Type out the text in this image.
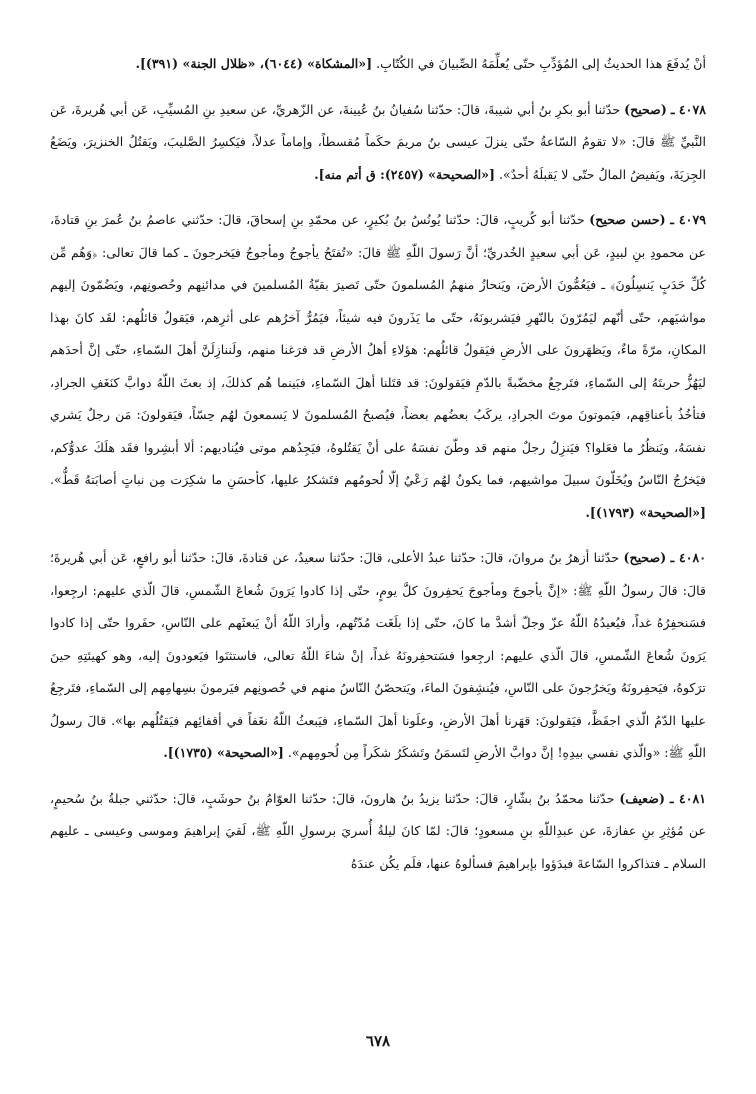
أنْ يُدفَعَ هذا الحديثُ إلى المُؤدِّبِ حتّى يُعلِّمَهُ الصِّبيانَ في الكُتّابِ. [«المشكاة» (٦٠٤٤)، «ظلال الجنة» (٣٩١)].

٤٠٧٨ ـ (صحيح) حدّثنا أبو بكرِ بنُ أبي شيبةَ، قالَ: حدّثنا سُفيانُ بنُ عُيينةَ، عن الزّهريِّ، عن سعيدِ بنِ المُسيِّبِ، عَن أبي هُريرةَ، عَن النَّبيِّ ﷺ قالَ: «لا تقومُ السّاعةُ حتّى ينزلَ عيسى بنُ مريمَ حكَماً مُقسطاً، وإماماً عدلاً، فيَكسِرُ الصَّليبَ، ويَقتُلُ الخنزيرَ، ويَضَعُ الجِزيَةَ، ويَفيضُ المالُ حتّى لا يَقبلَهُ أحدٌ». [«الصحيحة» (٢٤٥٧): ق أتم منه].

٤٠٧٩ ـ (حسن صحيح) حدّثنا أبو كُريبٍ، قالَ: حدّثنا يُونُسُ بنُ بُكيرٍ، عن محمّدِ بنِ إسحاقَ، قالَ: حدّثني عاصمُ بنُ عُمرَ بنِ قتادةَ، عن محمودِ بنِ لبيدٍ، عَن أبي سعيدٍ الخُدريِّ؛ أنَّ رَسولَ اللّهِ ﷺ قالَ: «تُفتَحُ يأجوجُ ومأجوجُ فيَخرجونَ ـ كما قالَ تعالى: ﴿وَهُم مِّن كُلِّ حَدَبٍ يَنسِلُونَ﴾ ـ فيَعُمُّونَ الأرضَ، ويَنحازُ منهمُ المُسلمونَ حتّى تَصيرَ بقيّةُ المُسلمينَ في مدائنِهم وحُصونِهم، ويَضُمّونَ إليهم مواشيَهم، حتّى أنّهم ليَمُرّونَ بالنّهرِ فيَشربونَهُ، حتّى ما يَذَرونَ فيه شيئاً، فيَمُرُّ آخرُهم على أثرِهم، فيَقولُ قائلُهم: لقَد كانَ بهذا المكانِ، مرّةً ماءٌ، ويَظهَرونَ على الأرضِ فيَقولُ قائلُهم: هؤلاءِ أهلُ الأرضِ قد فرَغنا منهم، ولَننازِلَنَّ أهلَ السّماءِ، حتّى إنَّ أحدَهم ليَهُزُّ حربتَهُ إلى السّماءِ، فتَرجِعُ مخضّبةً بالدّمِ فيَقولونَ: قد قتَلنا أهلَ السّماءِ، فبَينما هُم كذلكَ، إذ بعثَ اللّهُ دوابَّ كنَغَفِ الجرادِ، فتأخُذُ بأعناقِهم، فيَموتونَ موتَ الجرادِ، يركَبُ بعضُهم بعضاً، فيُصبحُ المُسلمونَ لا يَسمعونَ لهُم حِسّاً، فيَقولونَ: مَن رجلٌ يَشري نفسَهُ، ويَنظُرُ ما فعَلوا؟ فيَنزِلُ رجلٌ منهم قد وطّنَ نفسَهُ على أنْ يَقتُلوهُ، فيَجِدُهم موتى فيُناديهم: ألا أبشِروا فقَد هلَكَ عدوُّكم، فيَخرُجُ النّاسُ ويُخَلّونَ سبيلَ مواشيهم، فما يكونُ لهُم رَعْيٌ إلّا لُحومُهم فتَشكرُ عليها، كأحسَنِ ما شكِرَت مِن نباتٍ أصابَتهُ قَطُّ». [«الصحيحة» (١٧٩٣)].

٤٠٨٠ ـ (صحيح) حدّثنا أزهرُ بنُ مروانَ، قالَ: حدّثنا عبدُ الأعلى، قالَ: حدّثنا سعيدٌ، عن قتادةَ، قالَ: حدّثنا أبو رافعٍ، عَن أبي هُريرةَ؛ قالَ: قالَ رسولُ اللّهِ ﷺ: «إنَّ يأجوجَ ومأجوجَ يَحفِرونَ كلَّ يومٍ، حتّى إذا كادوا يَرَونَ شُعاعَ الشّمسِ، قالَ الّذي عليهم: ارجِعوا، فسَنحفِرُهُ غداً، فيُعيدُهُ اللّهُ عزّ وجلّ أشدَّ ما كانَ، حتّى إذا بلَغَت مُدّتُهم، وأرادَ اللّهُ أنْ يَبعثَهم على النّاسِ، حفَروا حتّى إذا كادوا يَرَونَ شُعاعَ الشّمسِ، قالَ الّذي عليهم: ارجِعوا فسَتحفِرونَهُ غداً، إنْ شاءَ اللّهُ تعالى، فاستثنَوا فيَعودونَ إليه، وهو كهيئتِهِ حينَ ترَكوهُ، فيَحفِرونَهُ ويَخرُجونَ على النّاسِ، فيُنشِفونَ الماءَ، ويَتحصّنُ النّاسُ منهم في حُصونِهم فيَرمونَ بسِهامِهم إلى السّماءِ، فتَرجِعُ عليها الدّمُ الّذي اجفَظَّ، فيَقولونَ: قهَرنا أهلَ الأرضِ، وعلَونا أهلَ السّماءِ، فيَبعثُ اللّهُ نغَفاً في أقفائِهم فيَقتُلُهم بها». قالَ رسولُ اللّهِ ﷺ: «والّذي نفسي بيدِهِ! إنَّ دوابَّ الأرضِ لتَسمَنُ وتَشكَرُ شكَراً مِن لُحومِهم». [«الصحيحة» (١٧٣٥)].

٤٠٨١ ـ (ضعيف) حدّثنا محمّدُ بنُ بشّارٍ، قالَ: حدّثنا يزيدُ بنُ هارونَ، قالَ: حدّثنا العوّامُ بنُ حوشَبٍ، قالَ: حدّثني جبلةُ بنُ سُحيمٍ، عن مُؤثِرِ بنِ عفازةَ، عن عبدِاللّهِ بنِ مسعودٍ؛ قالَ: لمّا كانَ ليلةُ أُسريَ برسولِ اللّهِ ﷺ، لَقيَ إبراهيمَ وموسى وعيسى ـ عليهم السلام ـ فتذاكروا السّاعةَ فبدَؤوا بإبراهيمَ فسألوهُ عنها، فلَم يكُن عندَهُ

٦٧٨
